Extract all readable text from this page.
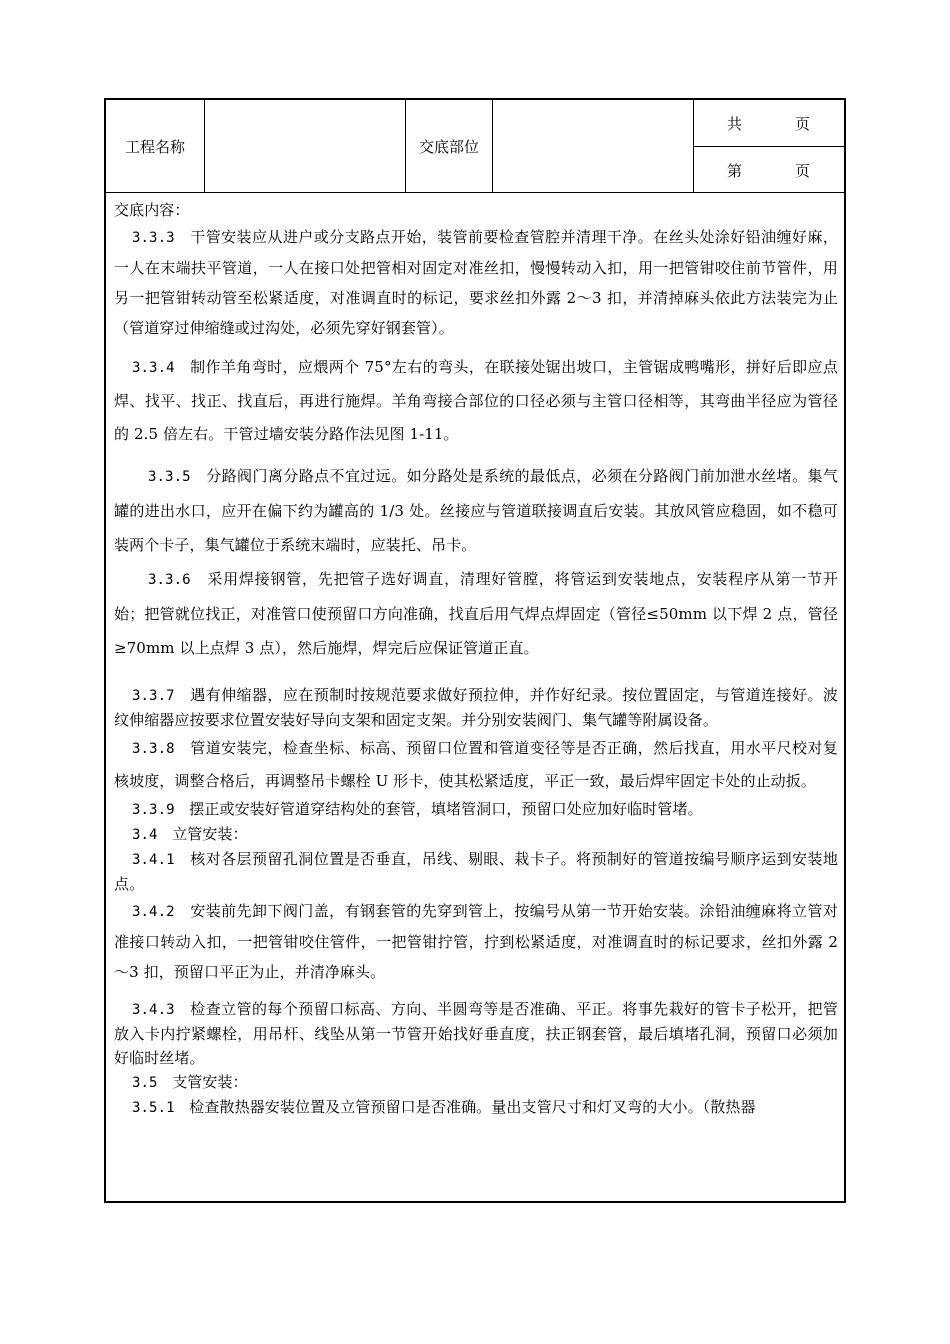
工程名称	交底部位
共	页
第	页

交底内容：

3.3.3 干管安装应从进户或分支路点开始，装管前要检查管腔并清理干净。在丝头处涂好铅油缠好麻，一人在末端扶平管道，一人在接口处把管相对固定对准丝扣，慢慢转动入扣，用一把管钳咬住前节管件，用另一把管钳转动管至松紧适度，对准调直时的标记，要求丝扣外露 2～3 扣，并清掉麻头依此方法装完为止（管道穿过伸缩缝或过沟处，必须先穿好钢套管）。

3.3.4 制作羊角弯时，应煨两个 75°左右的弯头，在联接处锯出坡口，主管锯成鸭嘴形，拼好后即应点焊、找平、找正、找直后，再进行施焊。羊角弯接合部位的口径必须与主管口径相等，其弯曲半径应为管径的 2.5 倍左右。干管过墙安装分路作法见图 1-11。

3.3.5 分路阀门离分路点不宜过远。如分路处是系统的最低点，必须在分路阀门前加泄水丝堵。集气罐的进出水口，应开在偏下约为罐高的 1/3 处。丝接应与管道联接调直后安装。其放风管应稳固，如不稳可装两个卡子，集气罐位于系统末端时，应装托、吊卡。

3.3.6 采用焊接钢管，先把管子选好调直，清理好管膛，将管运到安装地点，安装程序从第一节开始；把管就位找正，对准管口使预留口方向准确，找直后用气焊点焊固定（管径≤50mm 以下焊 2 点，管径≥70mm 以上点焊 3 点），然后施焊，焊完后应保证管道正直。

3.3.7 遇有伸缩器，应在预制时按规范要求做好预拉伸，并作好纪录。按位置固定，与管道连接好。波纹伸缩器应按要求位置安装好导向支架和固定支架。并分别安装阀门、集气罐等附属设备。

3.3.8 管道安装完，检查坐标、标高、预留口位置和管道变径等是否正确，然后找直，用水平尺校对复核坡度，调整合格后，再调整吊卡螺栓 U 形卡，使其松紧适度，平正一致，最后焊牢固定卡处的止动扳。

3.3.9 摆正或安装好管道穿结构处的套管，填堵管洞口，预留口处应加好临时管堵。

3.4 立管安装：

3.4.1 核对各层预留孔洞位置是否垂直，吊线、剔眼、栽卡子。将预制好的管道按编号顺序运到安装地点。

3.4.2 安装前先卸下阀门盖，有钢套管的先穿到管上，按编号从第一节开始安装。涂铅油缠麻将立管对准接口转动入扣，一把管钳咬住管件，一把管钳拧管，拧到松紧适度，对准调直时的标记要求，丝扣外露 2～3 扣，预留口平正为止，并清净麻头。

3.4.3 检查立管的每个预留口标高、方向、半圆弯等是否准确、平正。将事先栽好的管卡子松开，把管放入卡内拧紧螺栓，用吊杆、线坠从第一节管开始找好垂直度，扶正钢套管，最后填堵孔洞，预留口必须加好临时丝堵。

3.5 支管安装：

3.5.1 检查散热器安装位置及立管预留口是否准确。量出支管尺寸和灯叉弯的大小。（散热器
